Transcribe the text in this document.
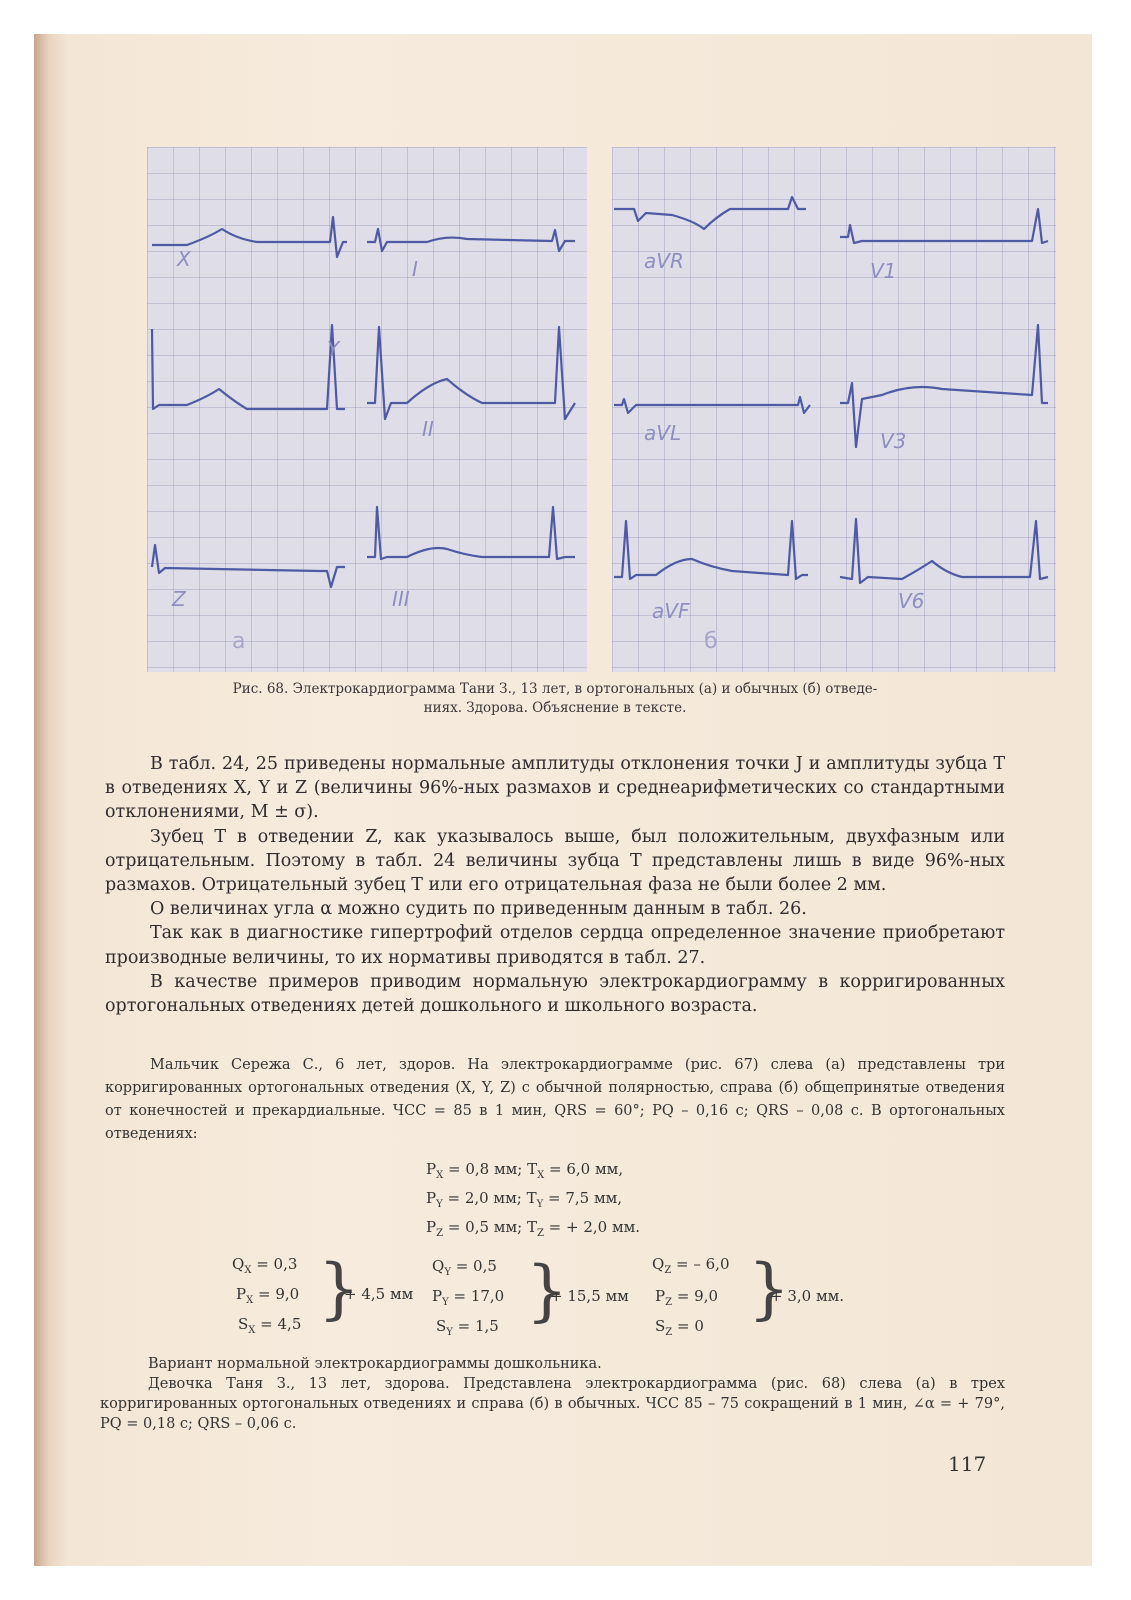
X	I
Y
II
Z	III
а
aVR	V1
aVL	V3
aVF	V6
б
Рис. 68. Электрокардиограмма Тани З., 13 лет, в ортогональных (а) и обычных (б) отведе-
ниях. Здорова. Объяснение в тексте.

В табл. 24, 25 приведены нормальные амплитуды отклонения точки J и амплитуды зубца Т в отведениях X, Y и Z (величины 96%-ных размахов и среднеарифметических со стандартными отклонениями, M ± σ).

Зубец Т в отведении Z, как указывалось выше, был положительным, двухфазным или отрицательным. Поэтому в табл. 24 величины зубца Т представлены лишь в виде 96%-ных размахов. Отрицательный зубец Т или его отрицательная фаза не были более 2 мм.

О величинах угла α можно судить по приведенным данным в табл. 26.

Так как в диагностике гипертрофий отделов сердца определенное значение приобретают производные величины, то их нормативы приводятся в табл. 27.

В качестве примеров приводим нормальную электрокардиограмму в корригированных ортогональных отведениях детей дошкольного и школьного возраста.

Мальчик Сережа С., 6 лет, здоров. На электрокардиограмме (рис. 67) слева (а) представлены три корригированных ортогональных отведения (X, Y, Z) с обычной полярностью, справа (б) общепринятые отведения от конечностей и прекардиальные. ЧСС = 85 в 1 мин, QRS = 60°; PQ – 0,16 с; QRS – 0,08 с. В ортогональных отведениях:

$P_X = 0,8$ мм; $T_X = 6,0$ мм,
$P_Y = 2,0$ мм; $T_Y = 7,5$ мм,
$P_Z = 0,5$ мм; $T_Z$ = + 2,0 мм.
$Q_X = 0,3$
$P_X = 9,0$
$S_X = 4,5$ }
+ 4,5 мм
$Q_Y = 0,5$
$P_Y = 17,0$
$S_Y = 1,5$ }
+ 15,5 мм
$Q_Z$ = – 6,0
$P_Z = 9,0$
$S_Z = 0$ }
+ 3,0 мм.

Вариант нормальной электрокардиограммы дошкольника.

Девочка Таня З., 13 лет, здорова. Представлена электрокардиограмма (рис. 68) слева (а) в трех корригированных ортогональных отведениях и справа (б) в обычных. ЧСС 85 – 75 сокращений в 1 мин, ∠α = + 79°, PQ = 0,18 с; QRS – 0,06 с.

117
